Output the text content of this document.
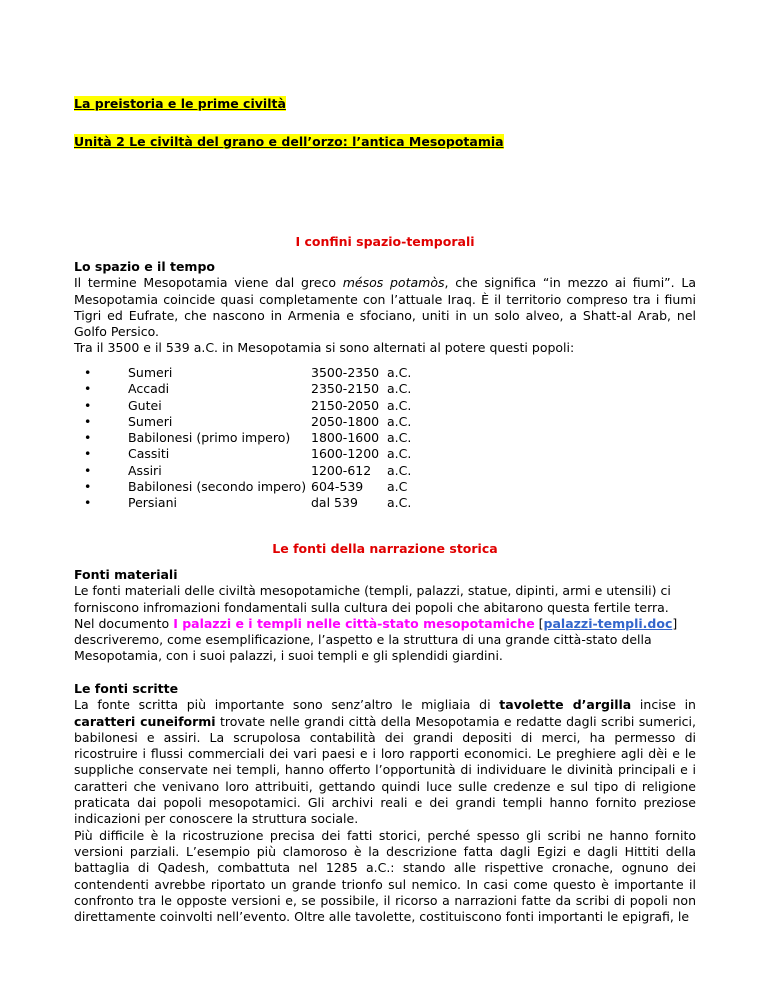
La preistoria e le prime civiltà
Unità 2 Le civiltà del grano e dell’orzo: l’antica Mesopotamia
I confini spazio-temporali
Lo spazio e il tempo
Il termine Mesopotamia viene dal greco mésos potamòs, che significa “in mezzo ai fiumi”. La Mesopotamia coincide quasi completamente con l’attuale Iraq. È il territorio compreso tra i fiumi Tigri ed Eufrate, che nascono in Armenia e sfociano, uniti in un solo alveo, a Shatt-al Arab, nel Golfo Persico.
Tra il 3500 e il 539 a.C. in Mesopotamia si sono alternati al potere questi popoli:
•	Sumeri	3500-2350 a.C.
•	Accadi	2350-2150 a.C.
•	Gutei	2150-2050 a.C.
•	Sumeri	2050-1800 a.C.
•	Babilonesi (primo impero) 1800-1600 a.C.
•	Cassiti	1600-1200 a.C.
•	Assiri	1200-612 a.C.
•	Babilonesi (secondo impero) 604-539 a.C
•	Persiani	dal 539 a.C.
Le fonti della narrazione storica
Fonti materiali
Le fonti materiali delle civiltà mesopotamiche (templi, palazzi, statue, dipinti, armi e utensili) ci forniscono infromazioni fondamentali sulla cultura dei popoli che abitarono questa fertile terra.
Nel documento I palazzi e i templi nelle città-stato mesopotamiche [palazzi-templi.doc] descriveremo, come esemplificazione, l’aspetto e la struttura di una grande città-stato della Mesopotamia, con i suoi palazzi, i suoi templi e gli splendidi giardini.
Le fonti scritte
La fonte scritta più importante sono senz’altro le migliaia di tavolette d’argilla incise in caratteri cuneiformi trovate nelle grandi città della Mesopotamia e redatte dagli scribi sumerici, babilonesi e assiri. La scrupolosa contabilità dei grandi depositi di merci, ha permesso di ricostruire i flussi commerciali dei vari paesi e i loro rapporti economici. Le preghiere agli dèi e le suppliche conservate nei templi, hanno offerto l’opportunità di individuare le divinità principali e i caratteri che venivano loro attribuiti, gettando quindi luce sulle credenze e sul tipo di religione praticata dai popoli mesopotamici. Gli archivi reali e dei grandi templi hanno fornito preziose indicazioni per conoscere la struttura sociale.
Più difficile è la ricostruzione precisa dei fatti storici, perché spesso gli scribi ne hanno fornito versioni parziali. L’esempio più clamoroso è la descrizione fatta dagli Egizi e dagli Hittiti della battaglia di Qadesh, combattuta nel 1285 a.C.: stando alle rispettive cronache, ognuno dei contendenti avrebbe riportato un grande trionfo sul nemico. In casi come questo è importante il confronto tra le opposte versioni e, se possibile, il ricorso a narrazioni fatte da scribi di popoli non direttamente coinvolti nell’evento. Oltre alle tavolette, costituiscono fonti importanti le epigrafi, le
